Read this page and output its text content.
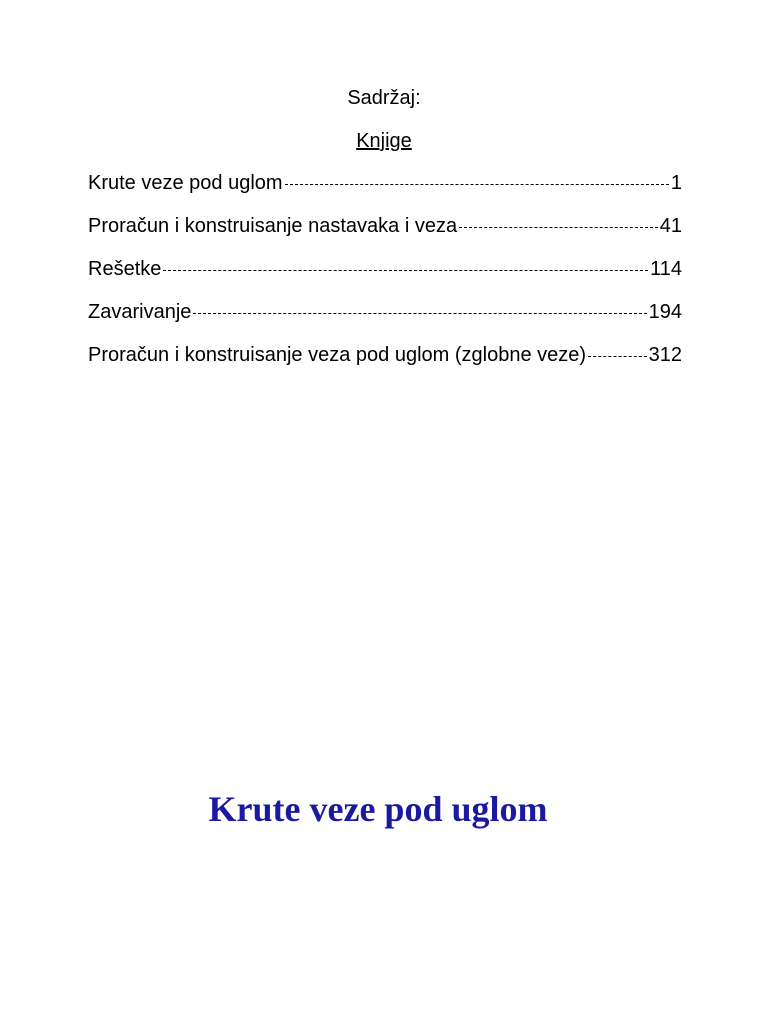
Sadržaj:
Knjige
Krute veze pod uglom	1
Proračun i konstruisanje nastavaka i veza	41
Rešetke	114
Zavarivanje	194
Proračun i konstruisanje veza pod uglom (zglobne veze)	312
Krute veze pod uglom
